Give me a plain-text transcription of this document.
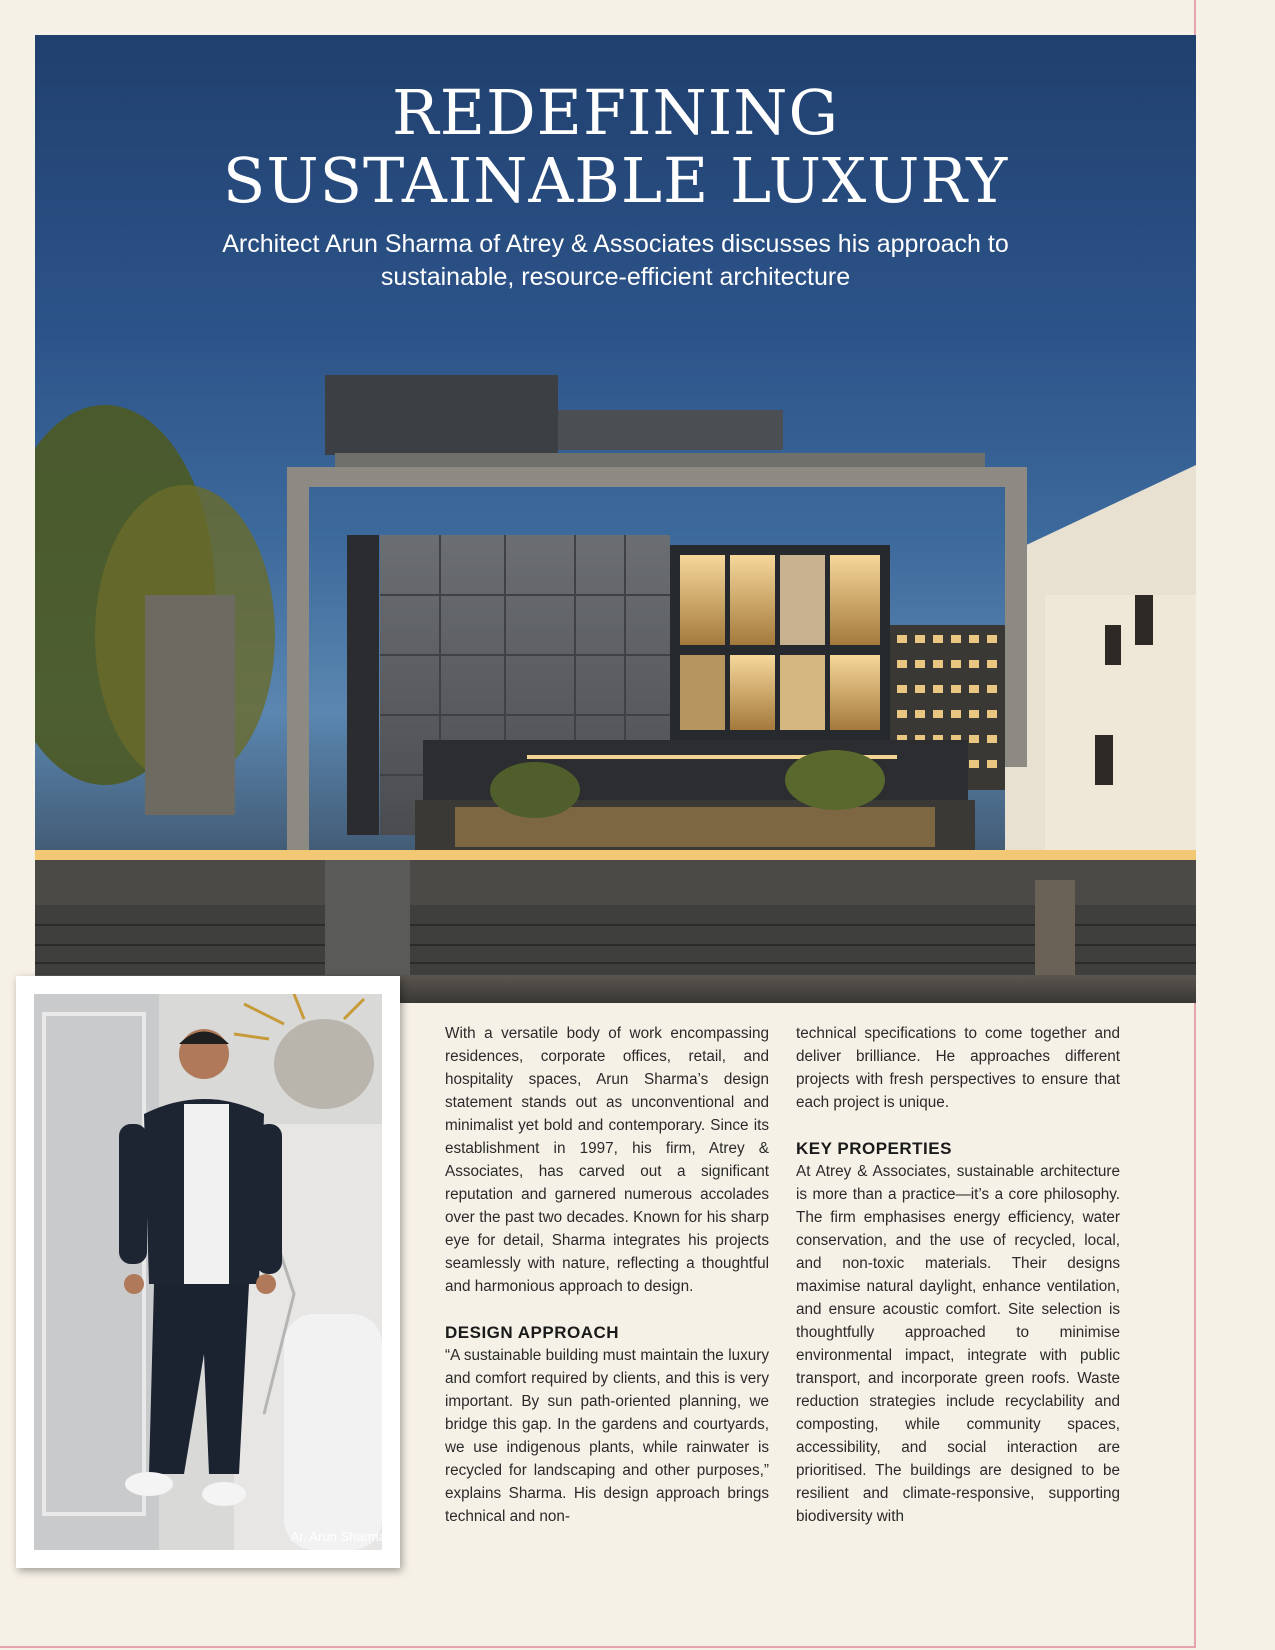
REDEFINING
SUSTAINABLE LUXURY

Architect Arun Sharma of Atrey & Associates discusses his approach to sustainable, resource-efficient architecture

Ar. Arun Sharma

With a versatile body of work encompassing residences, corporate offices, retail, and hospitality spaces, Arun Sharma’s design statement stands out as unconventional and minimalist yet bold and contemporary. Since its establishment in 1997, his firm, Atrey & Associates, has carved out a significant reputation and garnered numerous accolades over the past two decades. Known for his sharp eye for detail, Sharma integrates his projects seamlessly with nature, reflecting a thoughtful and harmonious approach to design.

DESIGN APPROACH

“A sustainable building must maintain the luxury and comfort required by clients, and this is very important. By sun path-oriented planning, we bridge this gap. In the gardens and courtyards, we use indigenous plants, while rainwater is recycled for landscaping and other purposes,” explains Sharma. His design approach brings technical and non-

technical specifications to come together and deliver brilliance. He approaches different projects with fresh perspectives to ensure that each project is unique.

KEY PROPERTIES

At Atrey & Associates, sustainable architecture is more than a practice—it’s a core philosophy. The firm emphasises energy efficiency, water conservation, and the use of recycled, local, and non-toxic materials. Their designs maximise natural daylight, enhance ventilation, and ensure acoustic comfort. Site selection is thoughtfully approached to minimise environmental impact, integrate with public transport, and incorporate green roofs. Waste reduction strategies include recyclability and composting, while community spaces, accessibility, and social interaction are prioritised. The buildings are designed to be resilient and climate-responsive, supporting biodiversity with
